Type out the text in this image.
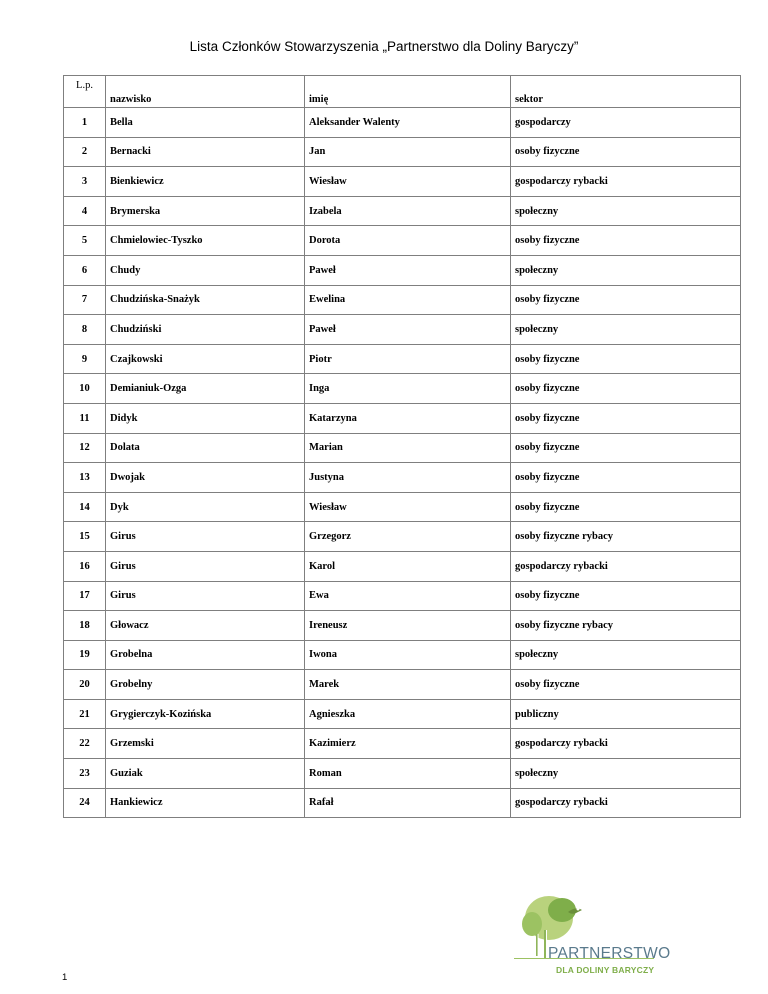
Lista Członków Stowarzyszenia „Partnerstwo dla Doliny Baryczy”
L.p.	nazwisko	imię	sektor
1	Bella	Aleksander Walenty	gospodarczy
2	Bernacki	Jan	osoby fizyczne
3	Bienkiewicz	Wiesław	gospodarczy rybacki
4	Brymerska	Izabela	społeczny
5	Chmielowiec-Tyszko	Dorota	osoby fizyczne
6	Chudy	Paweł	społeczny
7	Chudzińska-Snażyk	Ewelina	osoby fizyczne
8	Chudziński	Paweł	społeczny
9	Czajkowski	Piotr	osoby fizyczne
10	Demianiuk-Ozga	Inga	osoby fizyczne
11	Didyk	Katarzyna	osoby fizyczne
12	Dolata	Marian	osoby fizyczne
13	Dwojak	Justyna	osoby fizyczne
14	Dyk	Wiesław	osoby fizyczne
15	Girus	Grzegorz	osoby fizyczne rybacy
16	Girus	Karol	gospodarczy rybacki
17	Girus	Ewa	osoby fizyczne
18	Głowacz	Ireneusz	osoby fizyczne rybacy
19	Grobelna	Iwona	społeczny
20	Grobelny	Marek	osoby fizyczne
21	Grygierczyk-Kozińska	Agnieszka	publiczny
22	Grzemski	Kazimierz	gospodarczy rybacki
23	Guziak	Roman	społeczny
24	Hankiewicz	Rafał	gospodarczy rybacki
1
PARTNERSTWO
DLA DOLINY BARYCZY
